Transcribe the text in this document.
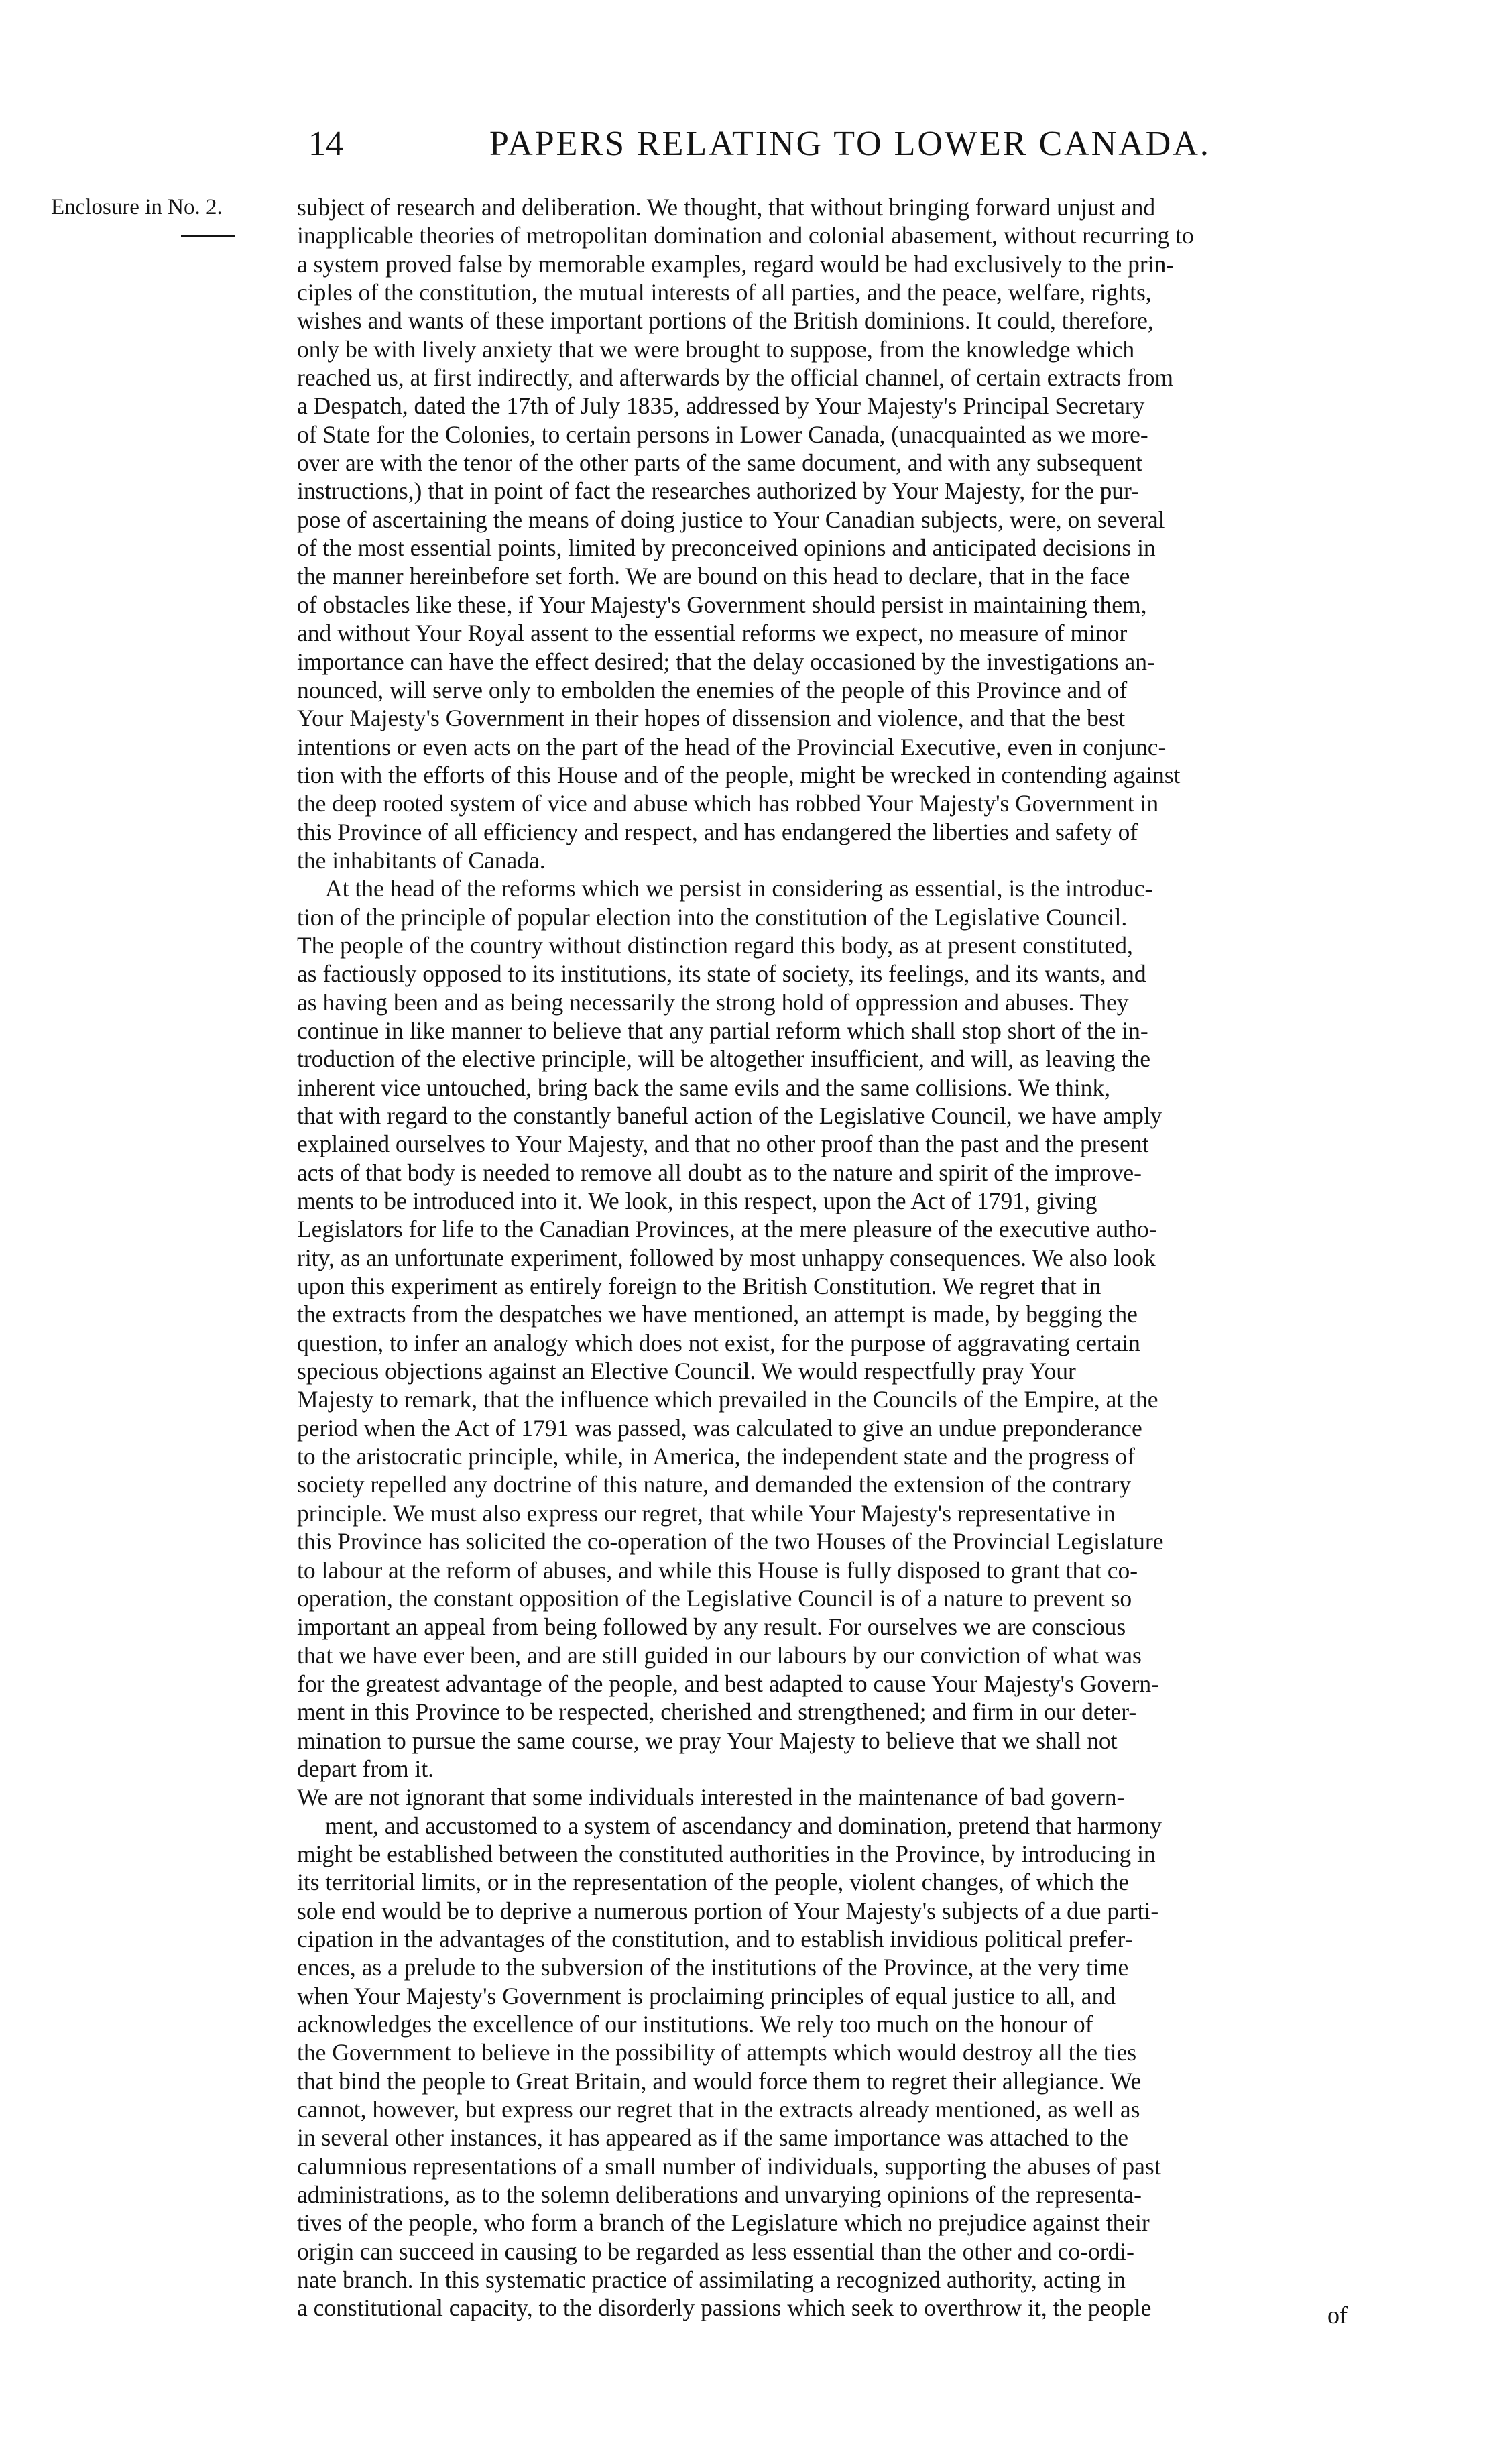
14	PAPERS RELATING TO LOWER CANADA.
Enclosure in No. 2.	subject of research and deliberation. We thought, that without bringing forward unjust and
inapplicable theories of metropolitan domination and colonial abasement, without recurring to
a system proved false by memorable examples, regard would be had exclusively to the prin-
ciples of the constitution, the mutual interests of all parties, and the peace, welfare, rights,
wishes and wants of these important portions of the British dominions. It could, therefore,
only be with lively anxiety that we were brought to suppose, from the knowledge which
reached us, at first indirectly, and afterwards by the official channel, of certain extracts from
a Despatch, dated the 17th of July 1835, addressed by Your Majesty's Principal Secretary
of State for the Colonies, to certain persons in Lower Canada, (unacquainted as we more-
over are with the tenor of the other parts of the same document, and with any subsequent
instructions,) that in point of fact the researches authorized by Your Majesty, for the pur-
pose of ascertaining the means of doing justice to Your Canadian subjects, were, on several
of the most essential points, limited by preconceived opinions and anticipated decisions in
the manner hereinbefore set forth. We are bound on this head to declare, that in the face
of obstacles like these, if Your Majesty's Government should persist in maintaining them,
and without Your Royal assent to the essential reforms we expect, no measure of minor
importance can have the effect desired; that the delay occasioned by the investigations an-
nounced, will serve only to embolden the enemies of the people of this Province and of
Your Majesty's Government in their hopes of dissension and violence, and that the best
intentions or even acts on the part of the head of the Provincial Executive, even in conjunc-
tion with the efforts of this House and of the people, might be wrecked in contending against
the deep rooted system of vice and abuse which has robbed Your Majesty's Government in
this Province of all efficiency and respect, and has endangered the liberties and safety of
the inhabitants of Canada.
At the head of the reforms which we persist in considering as essential, is the introduc-
tion of the principle of popular election into the constitution of the Legislative Council.
The people of the country without distinction regard this body, as at present constituted,
as factiously opposed to its institutions, its state of society, its feelings, and its wants, and
as having been and as being necessarily the strong hold of oppression and abuses. They
continue in like manner to believe that any partial reform which shall stop short of the in-
troduction of the elective principle, will be altogether insufficient, and will, as leaving the
inherent vice untouched, bring back the same evils and the same collisions. We think,
that with regard to the constantly baneful action of the Legislative Council, we have amply
explained ourselves to Your Majesty, and that no other proof than the past and the present
acts of that body is needed to remove all doubt as to the nature and spirit of the improve-
ments to be introduced into it. We look, in this respect, upon the Act of 1791, giving
Legislators for life to the Canadian Provinces, at the mere pleasure of the executive autho-
rity, as an unfortunate experiment, followed by most unhappy consequences. We also look
upon this experiment as entirely foreign to the British Constitution. We regret that in
the extracts from the despatches we have mentioned, an attempt is made, by begging the
question, to infer an analogy which does not exist, for the purpose of aggravating certain
specious objections against an Elective Council. We would respectfully pray Your
Majesty to remark, that the influence which prevailed in the Councils of the Empire, at the
period when the Act of 1791 was passed, was calculated to give an undue preponderance
to the aristocratic principle, while, in America, the independent state and the progress of
society repelled any doctrine of this nature, and demanded the extension of the contrary
principle. We must also express our regret, that while Your Majesty's representative in
this Province has solicited the co-operation of the two Houses of the Provincial Legislature
to labour at the reform of abuses, and while this House is fully disposed to grant that co-
operation, the constant opposition of the Legislative Council is of a nature to prevent so
important an appeal from being followed by any result. For ourselves we are conscious
that we have ever been, and are still guided in our labours by our conviction of what was
for the greatest advantage of the people, and best adapted to cause Your Majesty's Govern-
ment in this Province to be respected, cherished and strengthened; and firm in our deter-
mination to pursue the same course, we pray Your Majesty to believe that we shall not
depart from it.
We are not ignorant that some individuals interested in the maintenance of bad govern-
ment, and accustomed to a system of ascendancy and domination, pretend that harmony
might be established between the constituted authorities in the Province, by introducing in
its territorial limits, or in the representation of the people, violent changes, of which the
sole end would be to deprive a numerous portion of Your Majesty's subjects of a due parti-
cipation in the advantages of the constitution, and to establish invidious political prefer-
ences, as a prelude to the subversion of the institutions of the Province, at the very time
when Your Majesty's Government is proclaiming principles of equal justice to all, and
acknowledges the excellence of our institutions. We rely too much on the honour of
the Government to believe in the possibility of attempts which would destroy all the ties
that bind the people to Great Britain, and would force them to regret their allegiance. We
cannot, however, but express our regret that in the extracts already mentioned, as well as
in several other instances, it has appeared as if the same importance was attached to the
calumnious representations of a small number of individuals, supporting the abuses of past
administrations, as to the solemn deliberations and unvarying opinions of the representa-
tives of the people, who form a branch of the Legislature which no prejudice against their
origin can succeed in causing to be regarded as less essential than the other and co-ordi-
nate branch. In this systematic practice of assimilating a recognized authority, acting in
a constitutional capacity, to the disorderly passions which seek to overthrow it, the people	of
